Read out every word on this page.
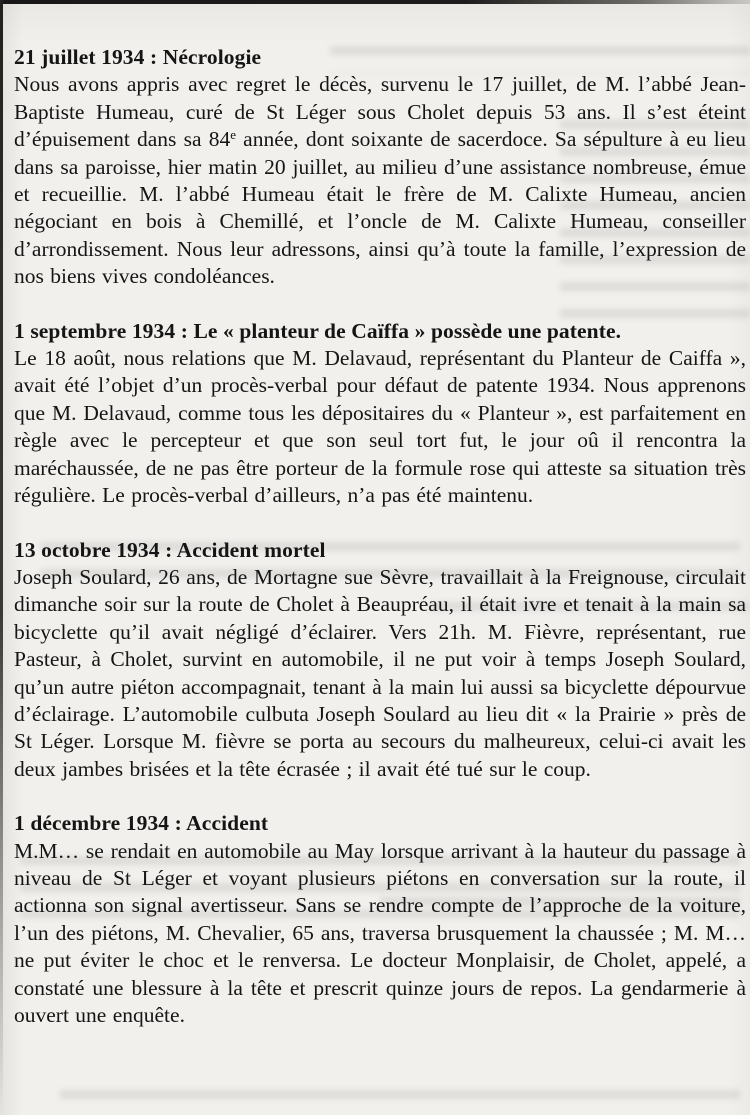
21 juillet 1934 : Nécrologie

Nous avons appris avec regret le décès, survenu le 17 juillet, de M. l’abbé Jean-Baptiste Humeau, curé de St Léger sous Cholet depuis 53 ans. Il s’est éteint d’épuisement dans sa 84e année, dont soixante de sacerdoce. Sa sépulture à eu lieu dans sa paroisse, hier matin 20 juillet, au milieu d’une assistance nombreuse, émue et recueillie. M. l’abbé Humeau était le frère de M. Calixte Humeau, ancien négociant en bois à Chemillé, et l’oncle de M. Calixte Humeau, conseiller d’arrondissement. Nous leur adressons, ainsi qu’à toute la famille, l’expression de nos biens vives condoléances.

1 septembre 1934 : Le « planteur de Caïffa » possède une patente.

Le 18 août, nous relations que M. Delavaud, représentant du Planteur de Caiffa », avait été l’objet d’un procès-verbal pour défaut de patente 1934. Nous apprenons que M. Delavaud, comme tous les dépositaires du « Planteur », est parfaitement en règle avec le percepteur et que son seul tort fut, le jour oû il rencontra la maréchaussée, de ne pas être porteur de la formule rose qui atteste sa situation très régulière. Le procès-verbal d’ailleurs, n’a pas été maintenu.

13 octobre 1934 : Accident mortel

Joseph Soulard, 26 ans, de Mortagne sue Sèvre, travaillait à la Freignouse, circulait dimanche soir sur la route de Cholet à Beaupréau, il était ivre et tenait à la main sa bicyclette qu’il avait négligé d’éclairer. Vers 21h. M. Fièvre, représentant, rue Pasteur, à Cholet, survint en automobile, il ne put voir à temps Joseph Soulard, qu’un autre piéton accompagnait, tenant à la main lui aussi sa bicyclette dépourvue d’éclairage. L’automobile culbuta Joseph Soulard au lieu dit « la Prairie » près de St Léger. Lorsque M. fièvre se porta au secours du malheureux, celui-ci avait les deux jambes brisées et la tête écrasée ; il avait été tué sur le coup.

1 décembre 1934 : Accident

M.M… se rendait en automobile au May lorsque arrivant à la hauteur du passage à niveau de St Léger et voyant plusieurs piétons en conversation sur la route, il actionna son signal avertisseur. Sans se rendre compte de l’approche de la voiture, l’un des piétons, M. Chevalier, 65 ans, traversa brusquement la chaussée ; M. M… ne put éviter le choc et le renversa. Le docteur Monplaisir, de Cholet, appelé, a constaté une blessure à la tête et prescrit quinze jours de repos. La gendarmerie à ouvert une enquête.
